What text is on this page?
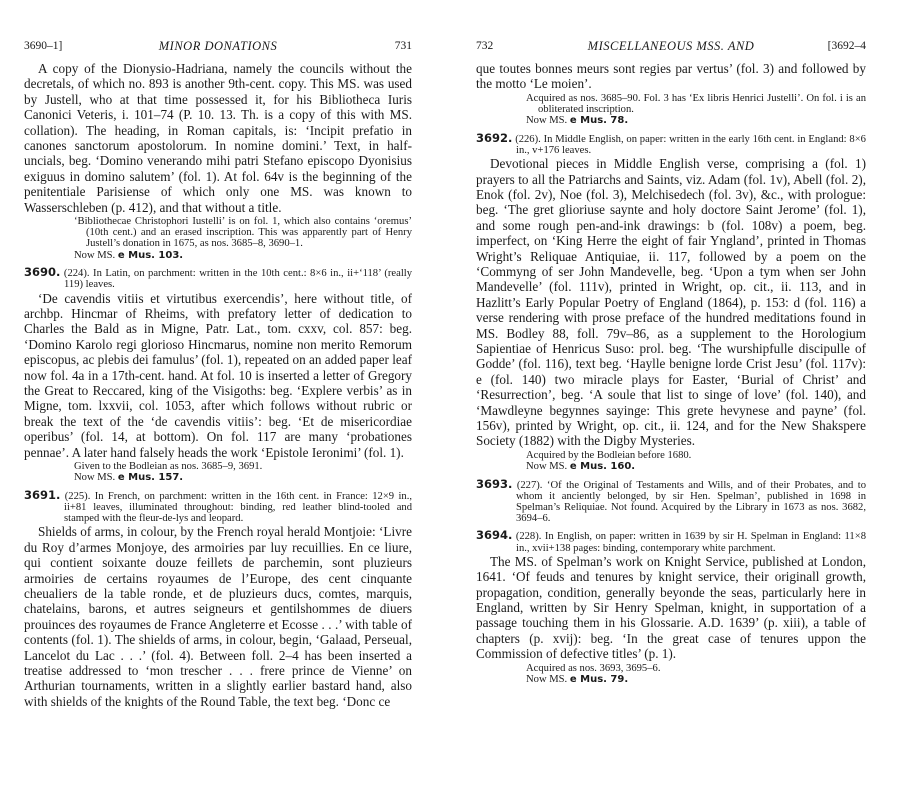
3690–1]	MINOR DONATIONS	731

A copy of the Dionysio-Hadriana, namely the councils without the decretals, of which no. 893 is another 9th-cent. copy. This MS. was used by Justell, who at that time possessed it, for his Bibliotheca Iuris Canonici Veteris, i. 101–74 (P. 10. 13. Th. is a copy of this with MS. collation). The heading, in Roman capitals, is: ‘Incipit prefatio in canones sanctorum apostolorum. In nomine domini.’ Text, in half-uncials, beg. ‘Domino venerando mihi patri Stefano episcopo Dyonisius exiguus in domino salutem’ (fol. 1). At fol. 64v is the beginning of the penitentiale Parisiense of which only one MS. was known to Wasserschleben (p. 412), and that without a title.

‘Bibliothecae Christophori Iustelli’ is on fol. 1, which also contains ‘oremus’ (10th cent.) and an erased inscription. This was apparently part of Henry Justell’s donation in 1675, as nos. 3685–8, 3690–1.

Now MS. e Mus. 103.

3690. (224). In Latin, on parchment: written in the 10th cent.: 8×6 in., ii+‘118’ (really 119) leaves.

‘De cavendis vitiis et virtutibus exercendis’, here without title, of archbp. Hincmar of Rheims, with prefatory letter of dedication to Charles the Bald as in Migne, Patr. Lat., tom. cxxv, col. 857: beg. ‘Domino Karolo regi glorioso Hincmarus, nomine non merito Remorum episcopus, ac plebis dei famulus’ (fol. 1), repeated on an added paper leaf now fol. 4a in a 17th-cent. hand. At fol. 10 is inserted a letter of Gregory the Great to Reccared, king of the Visigoths: beg. ‘Explere verbis’ as in Migne, tom. lxxvii, col. 1053, after which follows without rubric or break the text of the ‘de cavendis vitiis’: beg. ‘Et de misericordiae operibus’ (fol. 14, at bottom). On fol. 117 are many ‘probationes pennae’. A later hand falsely heads the work ‘Epistole Ieronimi’ (fol. 1).

Given to the Bodleian as nos. 3685–9, 3691.

Now MS. e Mus. 157.

3691. (225). In French, on parchment: written in the 16th cent. in France: 12×9 in., ii+81 leaves, illuminated throughout: binding, red leather blind-tooled and stamped with the fleur-de-lys and leopard.

Shields of arms, in colour, by the French royal herald Montjoie: ‘Livre du Roy d’armes Monjoye, des armoiries par luy recuillies. En ce liure, qui contient soixante douze feillets de parchemin, sont pluzieurs armoiries de certains royaumes de l’Europe, des cent cinquante cheualiers de la table ronde, et de pluzieurs ducs, comtes, marquis, chatelains, barons, et autres seigneurs et gentilshommes de diuers prouinces des royaumes de France Angleterre et Ecosse . . .’ with table of contents (fol. 1). The shields of arms, in colour, begin, ‘Galaad, Perseual, Lancelot du Lac . . .’ (fol. 4). Between foll. 2–4 has been inserted a treatise addressed to ‘mon trescher . . . frere prince de Vienne’ on Arthurian tournaments, written in a slightly earlier bastard hand, also with shields of the knights of the Round Table, the text beg. ‘Donc ce

732	MISCELLANEOUS MSS. AND	[3692–4

que toutes bonnes meurs sont regies par vertus’ (fol. 3) and followed by the motto ‘Le moien’.

Acquired as nos. 3685–90. Fol. 3 has ‘Ex libris Henrici Justelli’. On fol. i is an obliterated inscription.

Now MS. e Mus. 78.

3692. (226). In Middle English, on paper: written in the early 16th cent. in England: 8×6 in., v+176 leaves.

Devotional pieces in Middle English verse, comprising a (fol. 1) prayers to all the Patriarchs and Saints, viz. Adam (fol. 1v), Abell (fol. 2), Enok (fol. 2v), Noe (fol. 3), Melchisedech (fol. 3v), &c., with prologue: beg. ‘The gret glioriuse saynte and holy doctore Saint Jerome’ (fol. 1), and some rough pen-and-ink drawings: b (fol. 108v) a poem, beg. imperfect, on ‘King Herre the eight of fair Yngland’, printed in Thomas Wright’s Reliquae Antiquiae, ii. 117, followed by a poem on the ‘Commyng of ser John Mandevelle, beg. ‘Upon a tym when ser John Mandevelle’ (fol. 111v), printed in Wright, op. cit., ii. 113, and in Hazlitt’s Early Popular Poetry of England (1864), p. 153: d (fol. 116) a verse rendering with prose preface of the hundred meditations found in MS. Bodley 88, foll. 79v–86, as a supplement to the Horologium Sapientiae of Henricus Suso: prol. beg. ‘The wurshipfulle discipulle of Godde’ (fol. 116), text beg. ‘Haylle benigne lorde Crist Jesu’ (fol. 117v): e (fol. 140) two miracle plays for Easter, ‘Burial of Christ’ and ‘Resurrection’, beg. ‘A soule that list to singe of love’ (fol. 140), and ‘Mawdleyne begynnes sayinge: This grete hevynese and payne’ (fol. 156v), printed by Wright, op. cit., ii. 124, and for the New Shakspere Society (1882) with the Digby Mysteries.

Acquired by the Bodleian before 1680.

Now MS. e Mus. 160.

3693. (227). ‘Of the Original of Testaments and Wills, and of their Probates, and to whom it anciently belonged, by sir Hen. Spelman’, published in 1698 in Spelman’s Reliquiae. Not found. Acquired by the Library in 1673 as nos. 3682, 3694–6.

3694. (228). In English, on paper: written in 1639 by sir H. Spelman in England: 11×8 in., xvii+138 pages: binding, contemporary white parchment.

The MS. of Spelman’s work on Knight Service, published at London, 1641. ‘Of feuds and tenures by knight service, their originall growth, propagation, condition, generally beyonde the seas, particularly here in England, written by Sir Henry Spelman, knight, in supportation of a passage touching them in his Glossarie. A.D. 1639’ (p. xiii), a table of chapters (p. xvij): beg. ‘In the great case of tenures uppon the Commission of defective titles’ (p. 1).

Acquired as nos. 3693, 3695–6.

Now MS. e Mus. 79.
